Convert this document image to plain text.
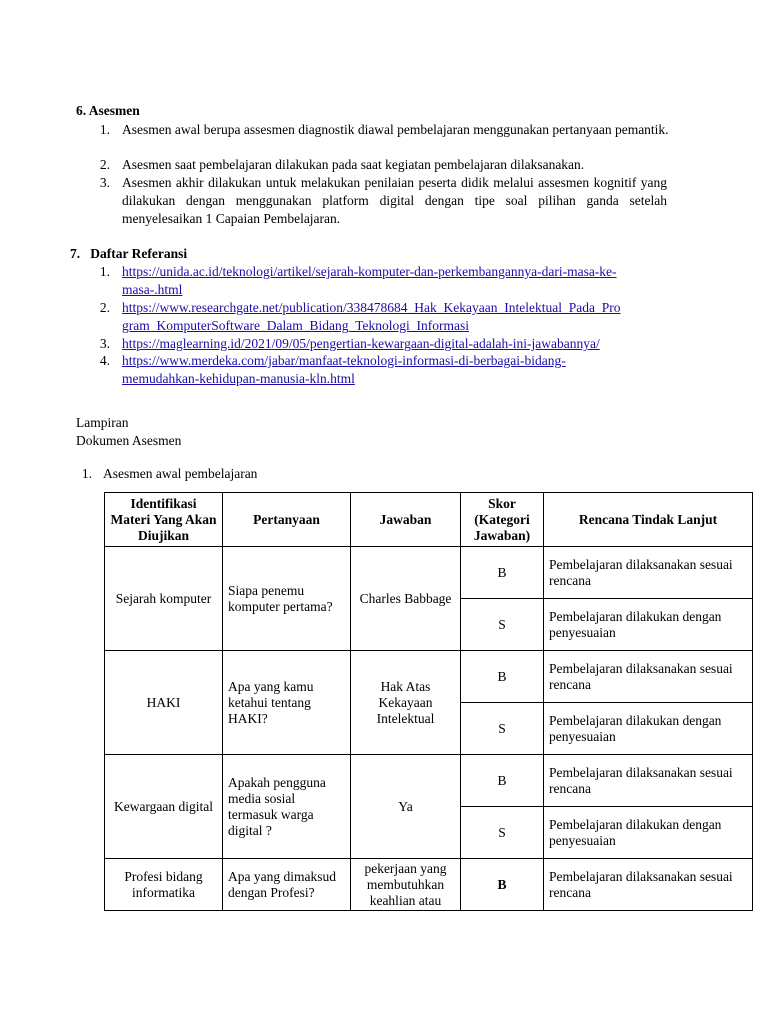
6. Asesmen
1. Asesmen awal berupa assesmen diagnostik diawal pembelajaran menggunakan pertanyaan pemantik.
2. Asesmen saat pembelajaran dilakukan pada saat kegiatan pembelajaran dilaksanakan.
3. Asesmen akhir dilakukan untuk melakukan penilaian peserta didik melalui assesmen kognitif yang dilakukan dengan menggunakan platform digital dengan tipe soal pilihan ganda setelah menyelesaikan 1 Capaian Pembelajaran.
7. Daftar Referansi
1. https://unida.ac.id/teknologi/artikel/sejarah-komputer-dan-perkembangannya-dari-masa-ke-
masa-.html
2. https://www.researchgate.net/publication/338478684_Hak_Kekayaan_Intelektual_Pada_Pro
gram_KomputerSoftware_Dalam_Bidang_Teknologi_Informasi
3. https://maglearning.id/2021/09/05/pengertian-kewargaan-digital-adalah-ini-jawabannya/
4. https://www.merdeka.com/jabar/manfaat-teknologi-informasi-di-berbagai-bidang-
memudahkan-kehidupan-manusia-kln.html
Lampiran
Dokumen Asesmen
1. Asesmen awal pembelajaran
Identifikasi Materi Yang Akan Diujikan	Pertanyaan	Jawaban	Skor (Kategori Jawaban)	Rencana Tindak Lanjut
Sejarah komputer	Siapa penemu komputer pertama?	Charles Babbage	B	Pembelajaran dilaksanakan sesuai rencana
			S	Pembelajaran dilakukan dengan penyesuaian
HAKI	Apa yang kamu ketahui tentang HAKI?	Hak Atas Kekayaan Intelektual	B	Pembelajaran dilaksanakan sesuai rencana
			S	Pembelajaran dilakukan dengan penyesuaian
Kewargaan digital	Apakah pengguna media sosial termasuk warga digital ?	Ya	B	Pembelajaran dilaksanakan sesuai rencana
			S	Pembelajaran dilakukan dengan penyesuaian
Profesi bidang informatika	Apa yang dimaksud dengan Profesi?	pekerjaan yang membutuhkan keahlian atau	B	Pembelajaran dilaksanakan sesuai rencana
